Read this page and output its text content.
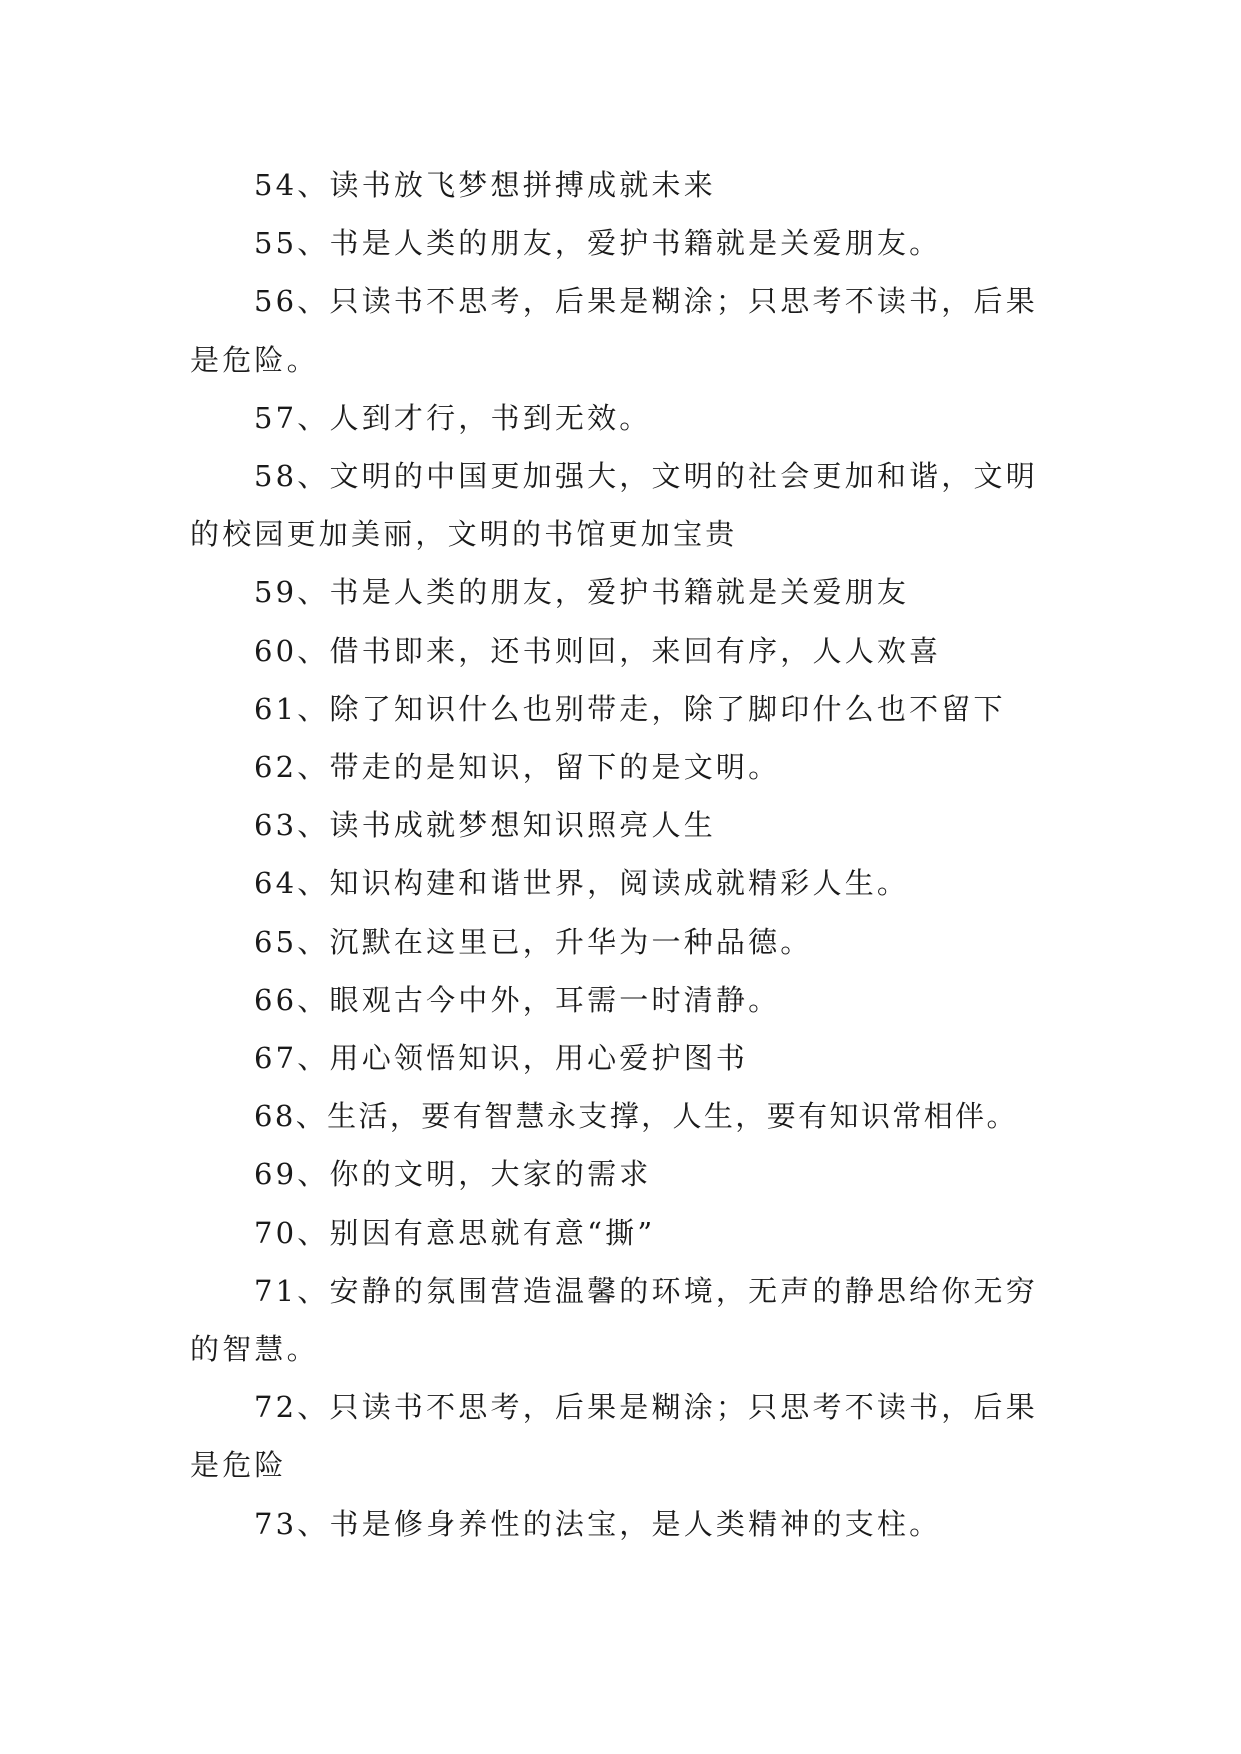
54、读书放飞梦想拼搏成就未来

55、书是人类的朋友，爱护书籍就是关爱朋友。

56、只读书不思考，后果是糊涂；只思考不读书，后果是危险。

57、人到才行，书到无效。

58、文明的中国更加强大，文明的社会更加和谐，文明的校园更加美丽，文明的书馆更加宝贵

59、书是人类的朋友，爱护书籍就是关爱朋友

60、借书即来，还书则回，来回有序，人人欢喜

61、除了知识什么也别带走，除了脚印什么也不留下

62、带走的是知识，留下的是文明。

63、读书成就梦想知识照亮人生

64、知识构建和谐世界，阅读成就精彩人生。

65、沉默在这里已，升华为一种品德。

66、眼观古今中外，耳需一时清静。

67、用心领悟知识，用心爱护图书

68、生活，要有智慧永支撑，人生，要有知识常相伴。

69、你的文明，大家的需求

70、别因有意思就有意“撕”

71、安静的氛围营造温馨的环境，无声的静思给你无穷的智慧。

72、只读书不思考，后果是糊涂；只思考不读书，后果是危险

73、书是修身养性的法宝，是人类精神的支柱。
